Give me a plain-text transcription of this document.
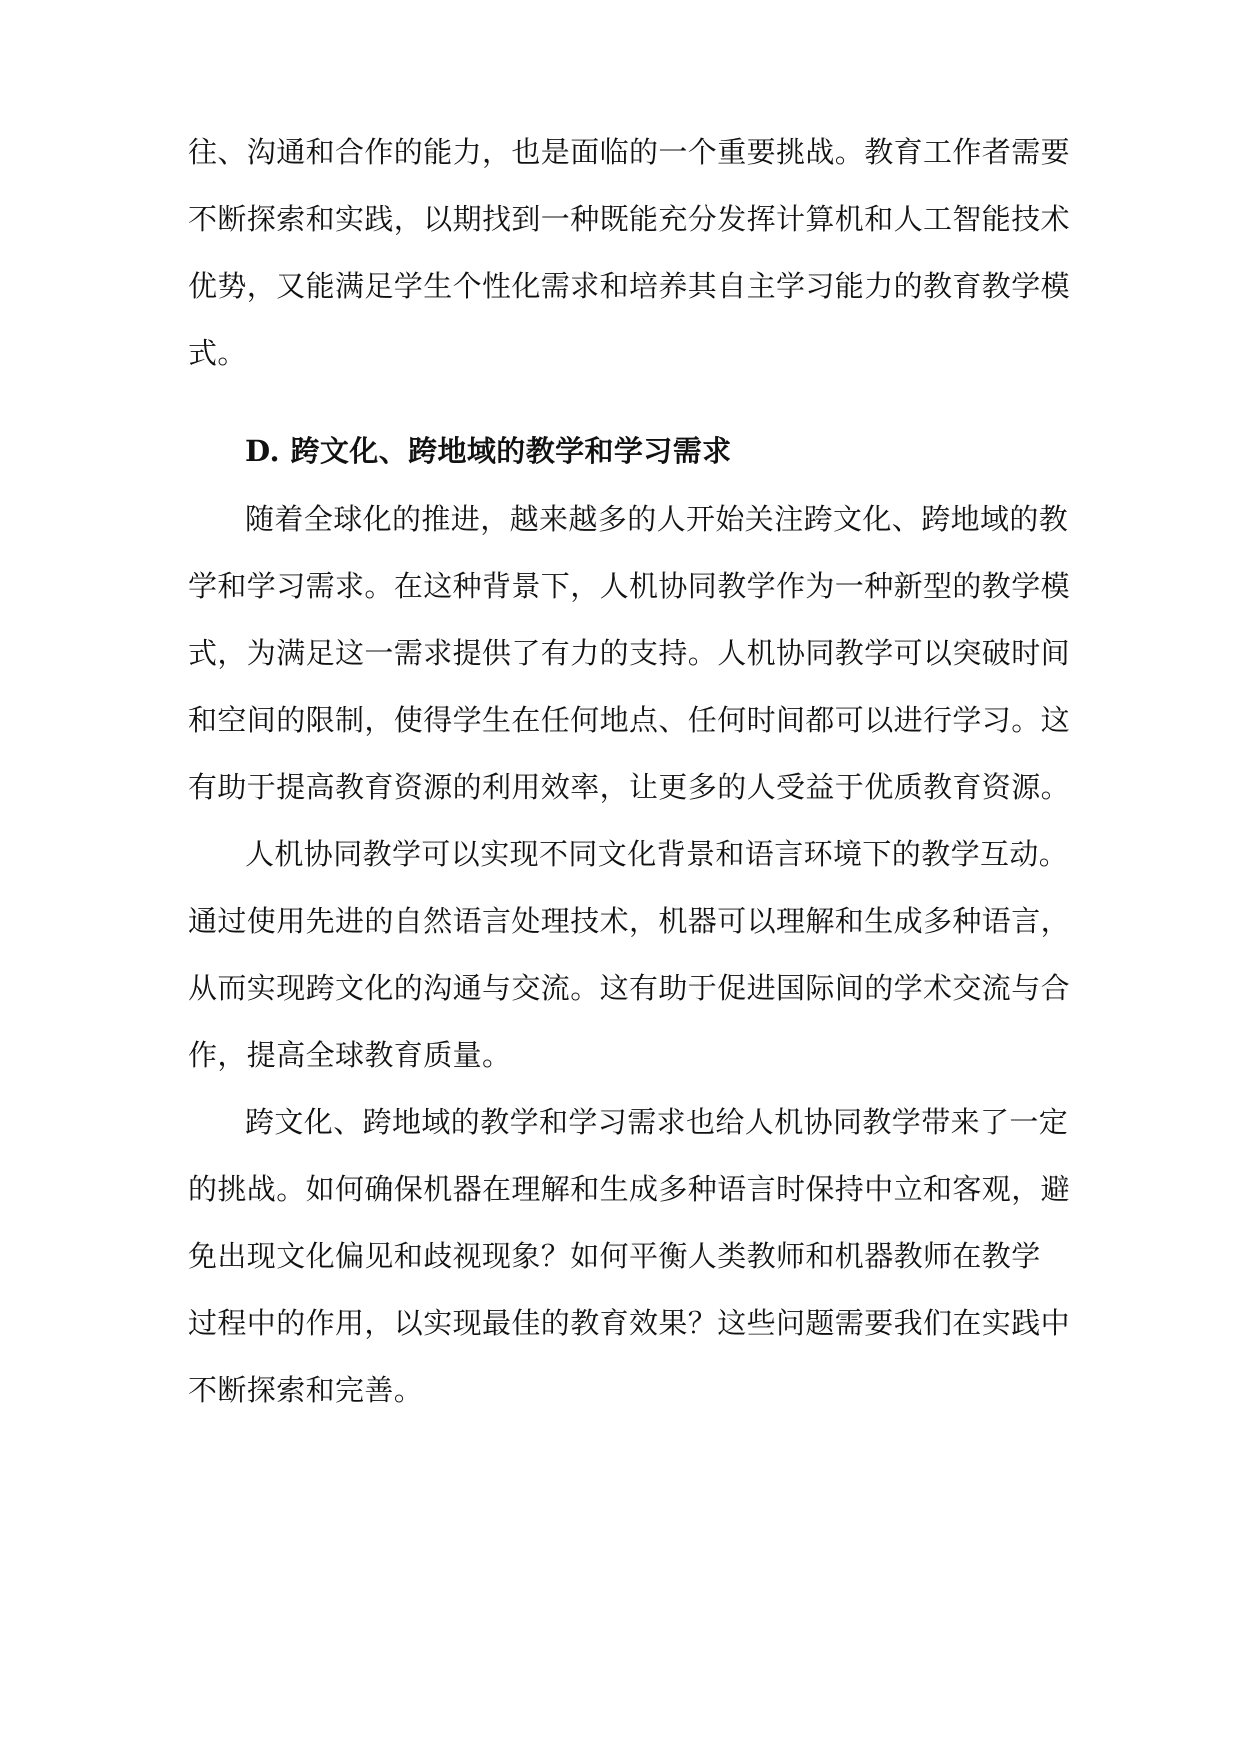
往、沟通和合作的能力，也是面临的一个重要挑战。教育工作者需要

不断探索和实践，以期找到一种既能充分发挥计算机和人工智能技术

优势，又能满足学生个性化需求和培养其自主学习能力的教育教学模

式。

D. 跨文化、跨地域的教学和学习需求

随着全球化的推进，越来越多的人开始关注跨文化、跨地域的教

学和学习需求。在这种背景下，人机协同教学作为一种新型的教学模

式，为满足这一需求提供了有力的支持。人机协同教学可以突破时间

和空间的限制，使得学生在任何地点、任何时间都可以进行学习。这

有助于提高教育资源的利用效率，让更多的人受益于优质教育资源。

人机协同教学可以实现不同文化背景和语言环境下的教学互动。

通过使用先进的自然语言处理技术，机器可以理解和生成多种语言，

从而实现跨文化的沟通与交流。这有助于促进国际间的学术交流与合

作，提高全球教育质量。

跨文化、跨地域的教学和学习需求也给人机协同教学带来了一定

的挑战。如何确保机器在理解和生成多种语言时保持中立和客观，避

免出现文化偏见和歧视现象？如何平衡人类教师和机器教师在教学

过程中的作用，以实现最佳的教育效果？这些问题需要我们在实践中

不断探索和完善。
